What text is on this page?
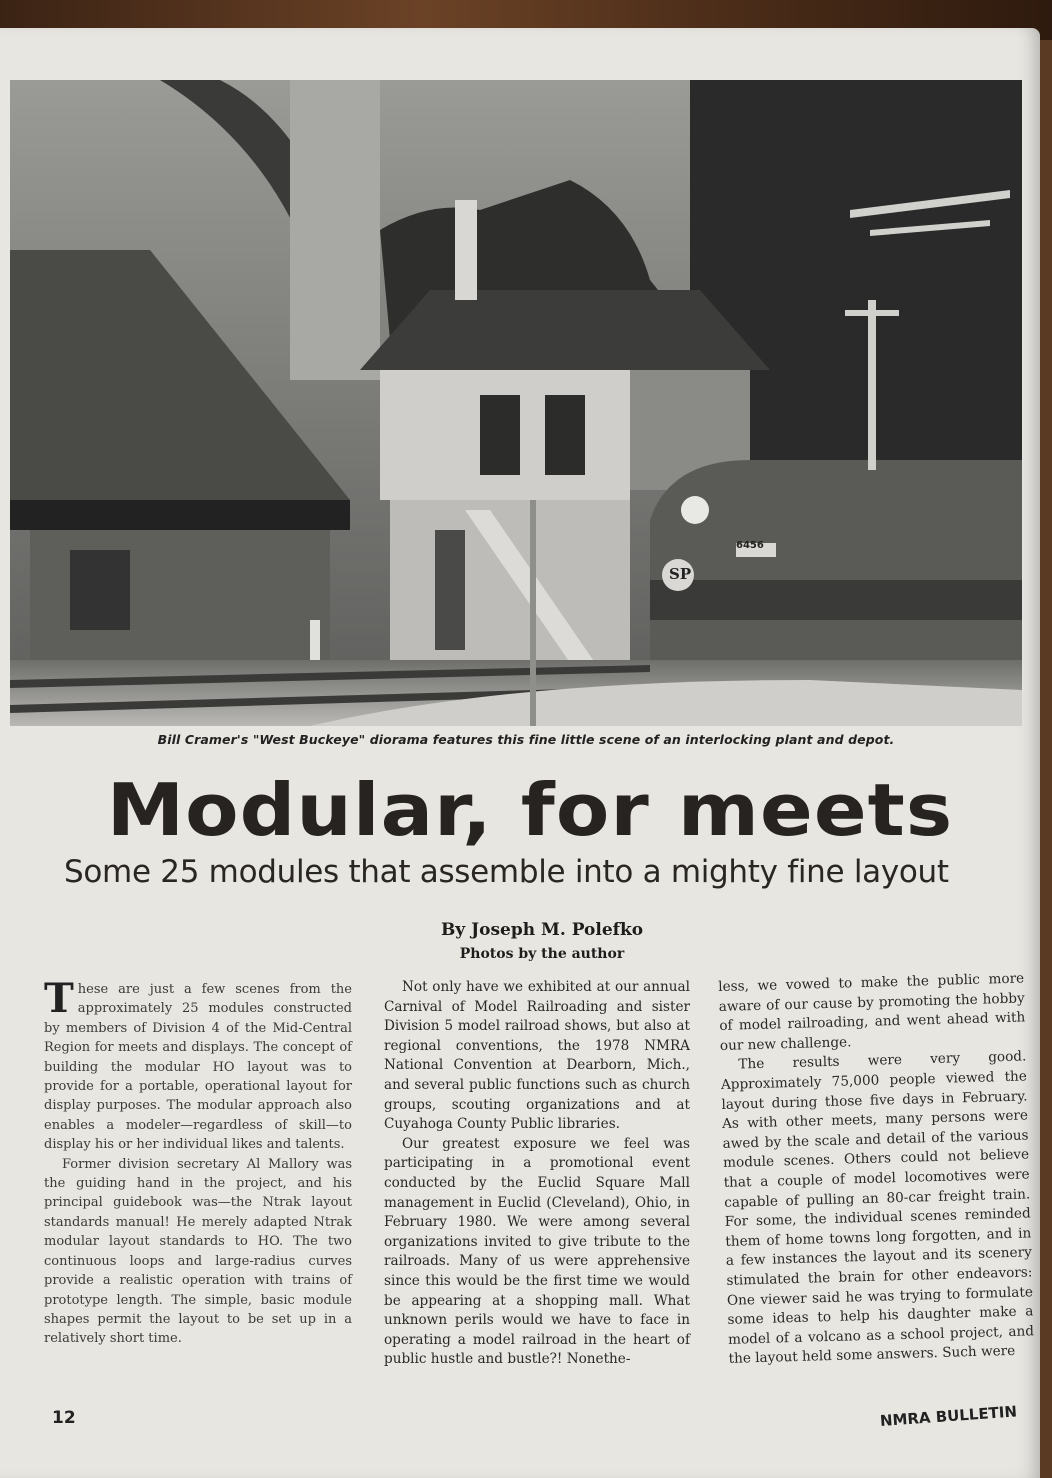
6456
SP
Bill Cramer's "West Buckeye" diorama features this fine little scene of an interlocking plant and depot.
Modular, for meets
Some 25 modules that assemble into a mighty fine layout
By Joseph M. Polefko
Photos by the author

These are just a few scenes from the approximately 25 modules constructed by members of Division 4 of the Mid-Central Region for meets and displays. The concept of building the modular HO layout was to provide for a portable, operational layout for display purposes. The modular approach also enables a modeler—regardless of skill—to display his or her individual likes and talents.

Former division secretary Al Mallory was the guiding hand in the project, and his principal guidebook was—the Ntrak layout standards manual! He merely adapted Ntrak modular layout standards to HO. The two continuous loops and large-radius curves provide a realistic operation with trains of prototype length. The simple, basic module shapes permit the layout to be set up in a relatively short time.

Not only have we exhibited at our annual Carnival of Model Railroading and sister Division 5 model railroad shows, but also at regional conventions, the 1978 NMRA National Convention at Dearborn, Mich., and several public functions such as church groups, scouting organizations and at Cuyahoga County Public libraries.

Our greatest exposure we feel was participating in a promotional event conducted by the Euclid Square Mall management in Euclid (Cleveland), Ohio, in February 1980. We were among several organizations invited to give tribute to the railroads. Many of us were apprehensive since this would be the first time we would be appearing at a shopping mall. What unknown perils would we have to face in operating a model railroad in the heart of public hustle and bustle?! Nonethe-

less, we vowed to make the public more aware of our cause by promoting the hobby of model railroading, and went ahead with our new challenge.

The results were very good. Approximately 75,000 people viewed the layout during those five days in February. As with other meets, many persons were awed by the scale and detail of the various module scenes. Others could not believe that a couple of model locomotives were capable of pulling an 80-car freight train. For some, the individual scenes reminded them of home towns long forgotten, and in a few instances the layout and its scenery stimulated the brain for other endeavors: One viewer said he was trying to formulate some ideas to help his daughter make a model of a volcano as a school project, and the layout held some answers. Such were

12	NMRA BULLETIN
